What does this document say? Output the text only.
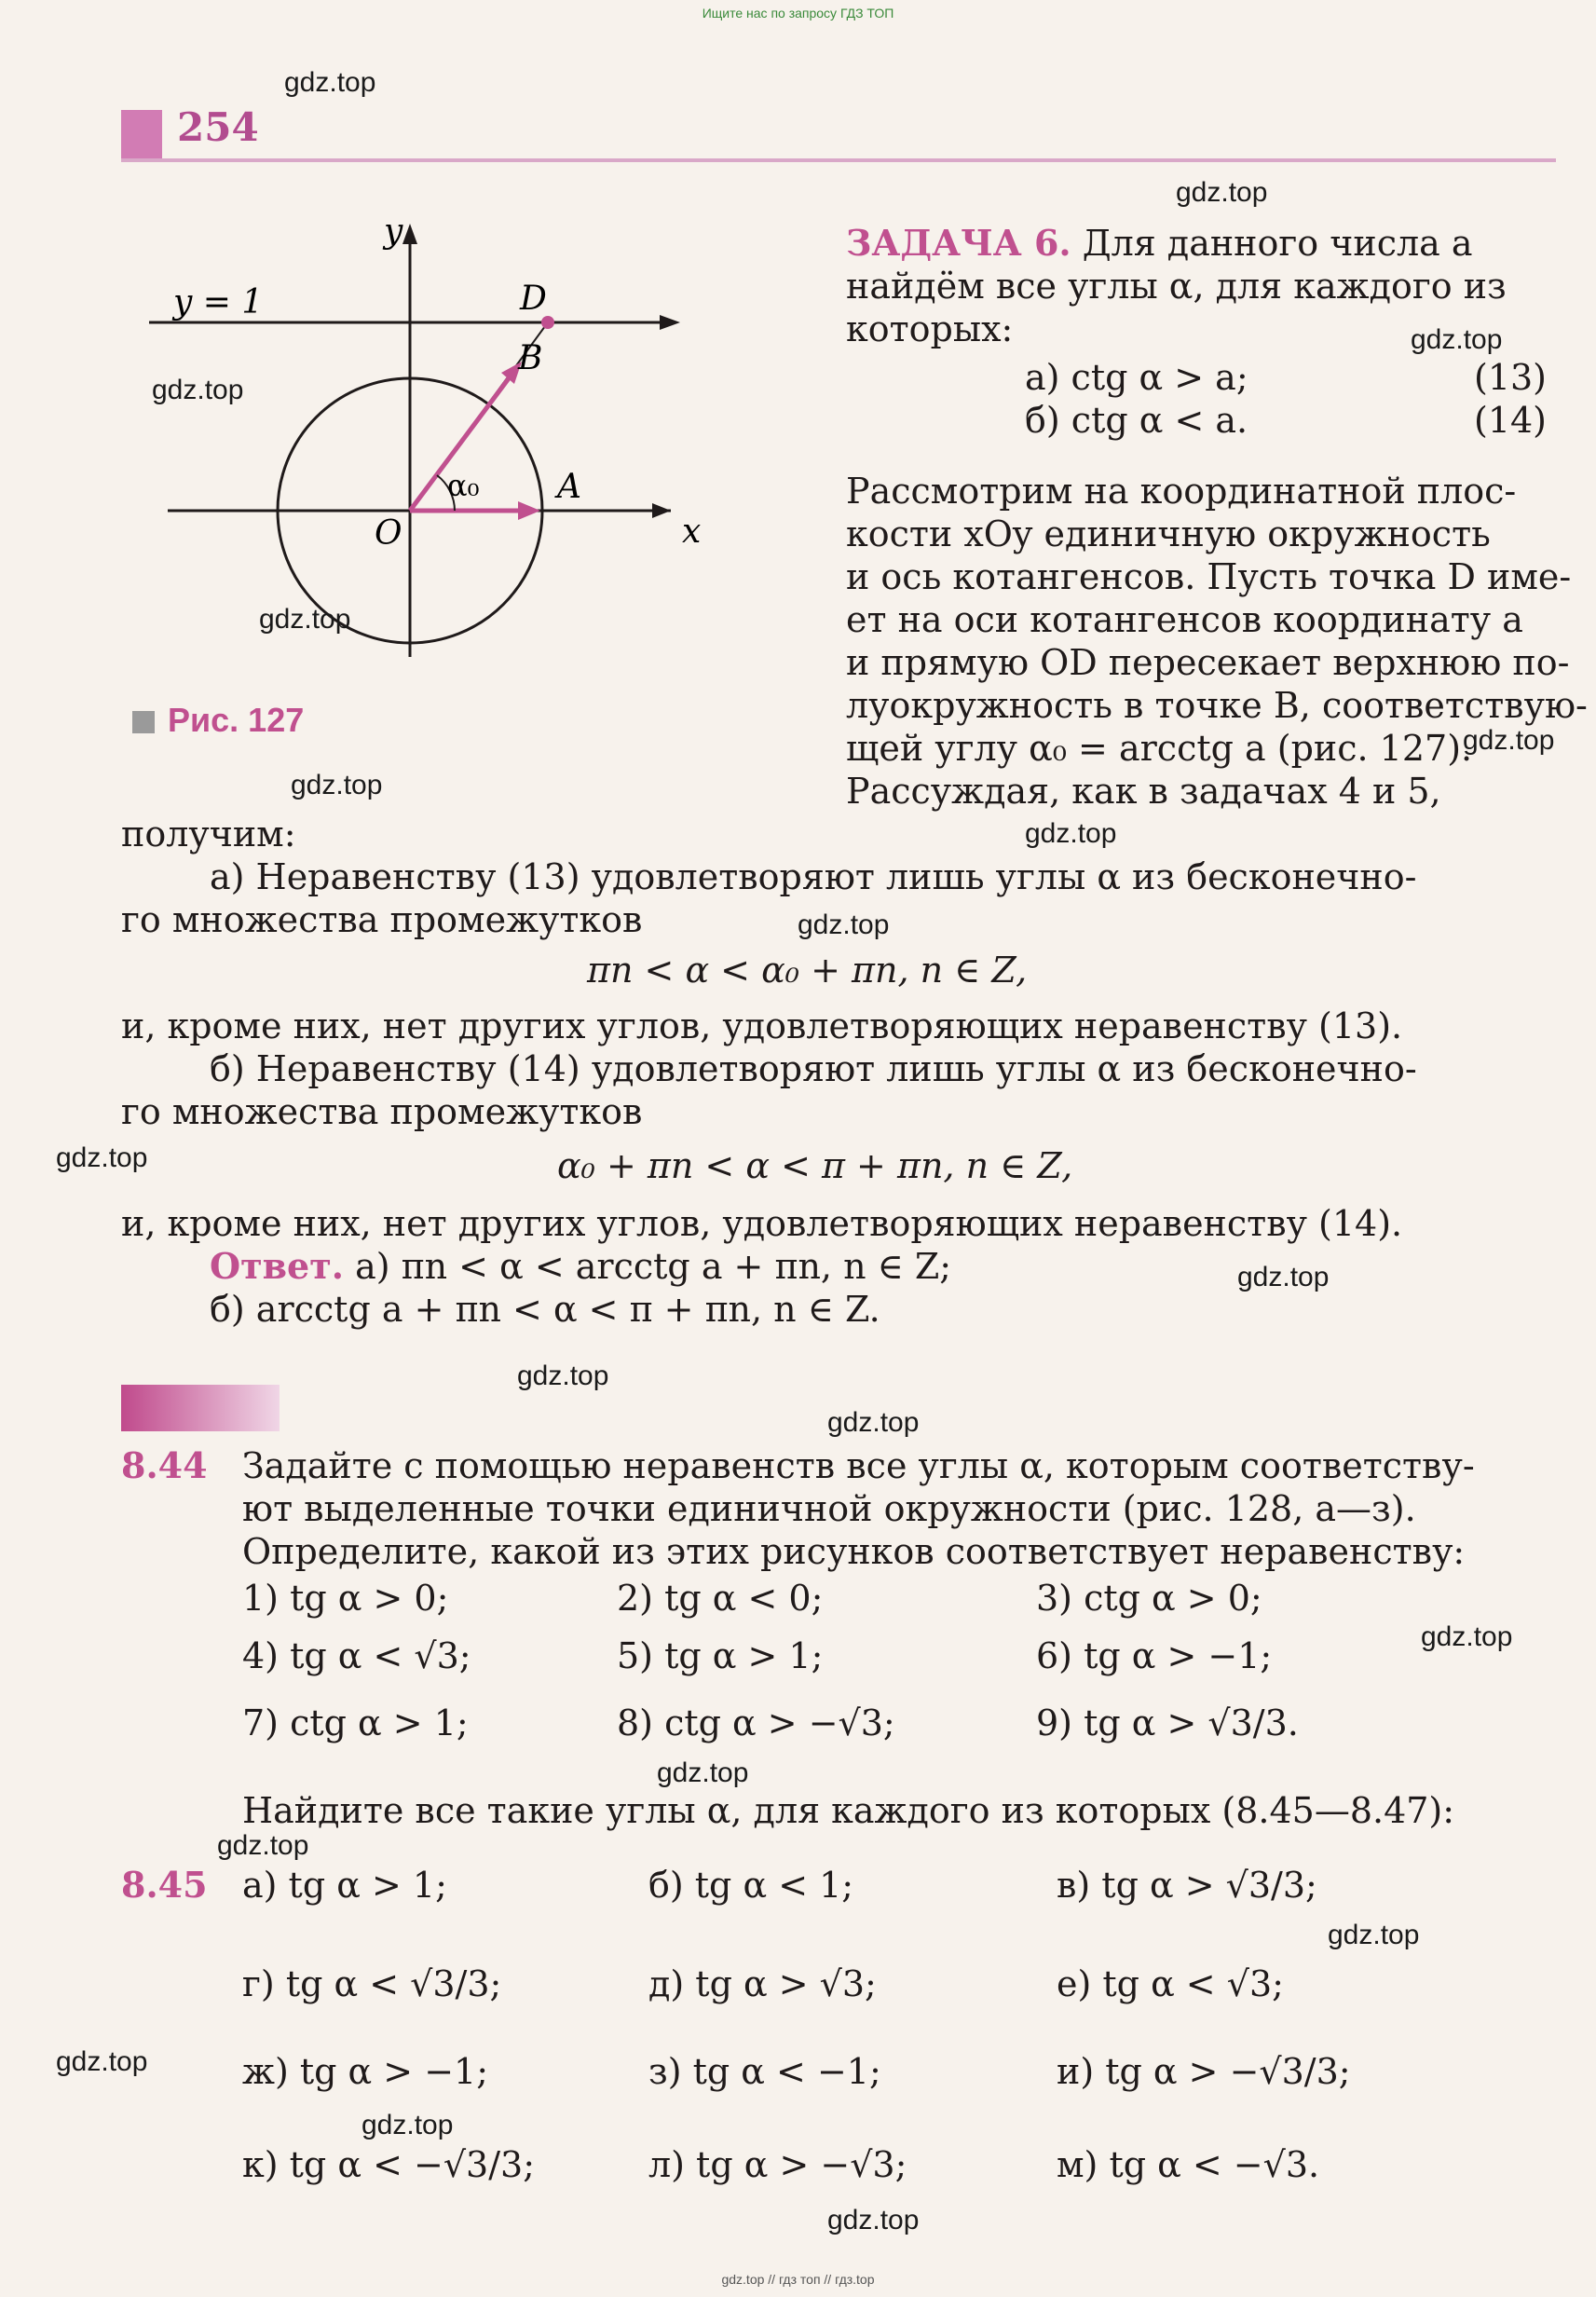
Ищите нас по запросу ГДЗ ТОП
254
y = 1
y
x
D
B
A
O
α₀
Рис. 127
ЗАДАЧА 6. Для данного числа a
найдём все углы α, для каждого из
которых:
а) ctg α > a;	(13)
б) ctg α < a.	(14)
Рассмотрим на координатной плос-
кости xOy единичную окружность
и ось котангенсов. Пусть точка D име-
ет на оси котангенсов координату a
и прямую OD пересекает верхнюю по-
луокружность в точке B, соответствую-
щей углу α₀ = arcctg a (рис. 127).
Рассуждая, как в задачах 4 и 5,
получим:
а) Неравенству (13) удовлетворяют лишь углы α из бесконечно-
го множества промежутков
πn < α < α₀ + πn, n ∈ Z,
и, кроме них, нет других углов, удовлетворяющих неравенству (13).
б) Неравенству (14) удовлетворяют лишь углы α из бесконечно-
го множества промежутков
α₀ + πn < α < π + πn, n ∈ Z,
и, кроме них, нет других углов, удовлетворяющих неравенству (14).
Ответ. а) πn < α < arcctg a + πn, n ∈ Z;
б) arcctg a + πn < α < π + πn, n ∈ Z.
8.44 Задайте с помощью неравенств все углы α, которым соответству-
ют выделенные точки единичной окружности (рис. 128, а—з).
Определите, какой из этих рисунков соответствует неравенству:
1) tg α > 0;	2) tg α < 0;	3) ctg α > 0;
4) tg α < √3;	5) tg α > 1;	6) tg α > −1;
7) ctg α > 1;	8) ctg α > −√3;	9) tg α > √3/3.
Найдите все такие углы α, для каждого из которых (8.45—8.47):
8.45 а) tg α > 1;	б) tg α < 1;	в) tg α > √3/3;
г) tg α < √3/3;	д) tg α > √3;	е) tg α < √3;
ж) tg α > −1;	з) tg α < −1;	и) tg α > −√3/3;
к) tg α < −√3/3;	л) tg α > −√3;	м) tg α < −√3.
gdz.top
gdz.top
gdz.top
gdz.top
gdz.top
gdz.top
gdz.top
gdz.top
gdz.top
gdz.top
gdz.top
gdz.top
gdz.top
gdz.top
gdz.top
gdz.top
gdz.top
gdz.top
gdz.top
gdz.top
gdz.top // гдз топ // гдз.top
